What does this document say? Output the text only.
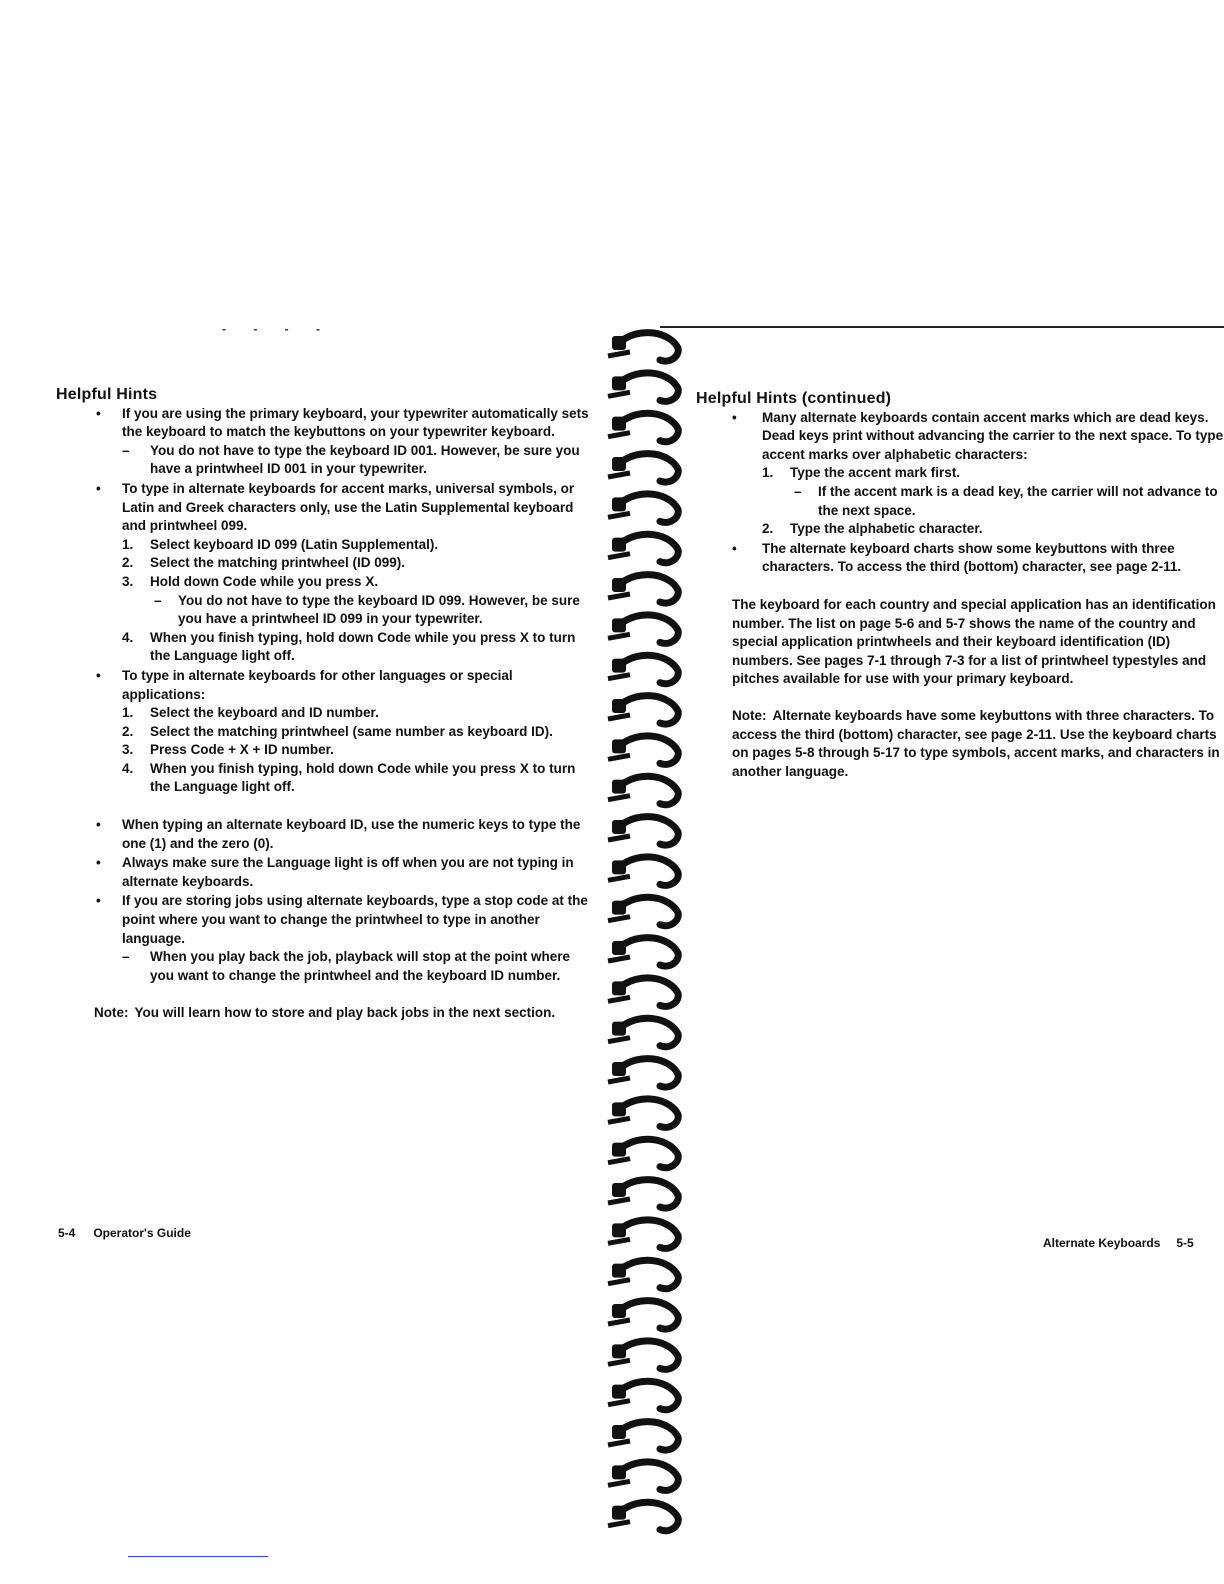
- - - -

Helpful Hints

• If you are using the primary keyboard, your typewriter automatically sets the keyboard to match the keybuttons on your typewriter keyboard.
– You do not have to type the keyboard ID 001. However, be sure you have a printwheel ID 001 in your typewriter.
• To type in alternate keyboards for accent marks, universal symbols, or Latin and Greek characters only, use the Latin Supplemental keyboard and printwheel 099.
1. Select keyboard ID 099 (Latin Supplemental).
2. Select the matching printwheel (ID 099).
3. Hold down Code while you press X.
– You do not have to type the keyboard ID 099. However, be sure you have a printwheel ID 099 in your typewriter.
4. When you finish typing, hold down Code while you press X to turn the Language light off.
• To type in alternate keyboards for other languages or special applications:
1. Select the keyboard and ID number.
2. Select the matching printwheel (same number as keyboard ID).
3. Press Code + X + ID number.
4. When you finish typing, hold down Code while you press X to turn the Language light off.
• When typing an alternate keyboard ID, use the numeric keys to type the one (1) and the zero (0).
• Always make sure the Language light is off when you are not typing in alternate keyboards.
• If you are storing jobs using alternate keyboards, type a stop code at the point where you want to change the printwheel to type in another language.
– When you play back the job, playback will stop at the point where you want to change the printwheel and the keyboard ID number.

Note: You will learn how to store and play back jobs in the next section.

5-4 Operator's Guide

Helpful Hints (continued)

• Many alternate keyboards contain accent marks which are dead keys. Dead keys print without advancing the carrier to the next space. To type accent marks over alphabetic characters:
1. Type the accent mark first.
– If the accent mark is a dead key, the carrier will not advance to the next space.
2. Type the alphabetic character.
• The alternate keyboard charts show some keybuttons with three characters. To access the third (bottom) character, see page 2-11.

The keyboard for each country and special application has an identification number. The list on page 5-6 and 5-7 shows the name of the country and special application printwheels and their keyboard identification (ID) numbers. See pages 7-1 through 7-3 for a list of printwheel typestyles and pitches available for use with your primary keyboard.

Note: Alternate keyboards have some keybuttons with three characters. To access the third (bottom) character, see page 2-11. Use the keyboard charts on pages 5-8 through 5-17 to type symbols, accent marks, and characters in another language.

Alternate Keyboards 5-5
